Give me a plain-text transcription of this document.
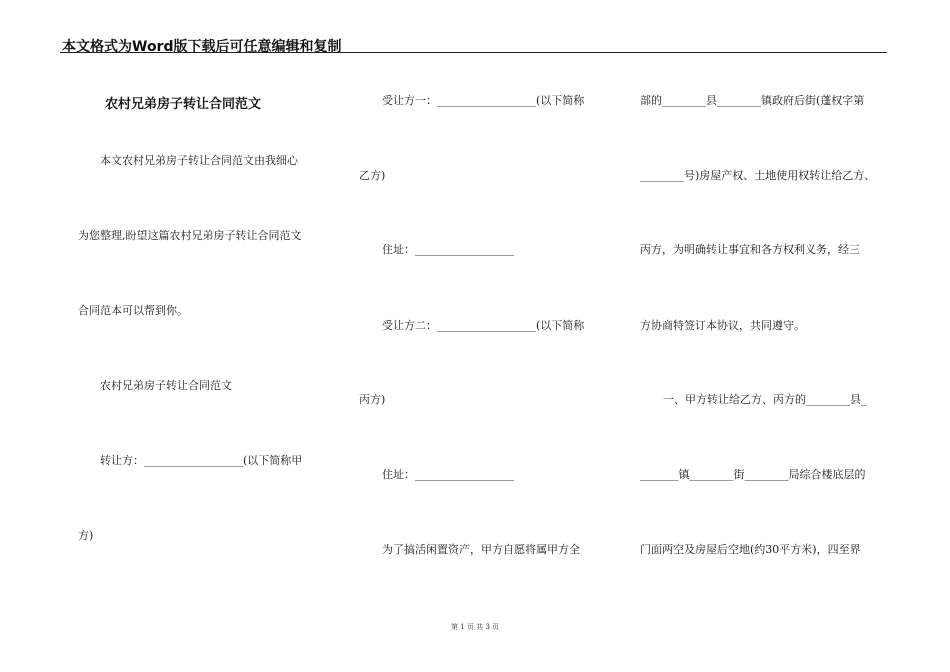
本文格式为Word版下载后可任意编辑和复制
农村兄弟房子转让合同范文
本文农村兄弟房子转让合同范文由我细心
为您整理,盼望这篇农村兄弟房子转让合同范文
合同范本可以帮到你。
农村兄弟房子转让合同范文
转让方：__________________(以下简称甲
方)
受让方一：__________________(以下简称
乙方)
住址：__________________
受让方二：__________________(以下简称
丙方)
住址：__________________
为了搞活闲置资产，甲方自愿将属甲方全
部的________县________镇政府后街(蓬权字第
________号)房屋产权、土地使用权转让给乙方、
丙方，为明确转让事宜和各方权利义务，经三
方协商特签订本协议，共同遵守。
一、甲方转让给乙方、丙方的________县_
_______镇________街________局综合楼底层的
门面两空及房屋后空地(约30平方米)，四至界
第 1 页 共 3 页
